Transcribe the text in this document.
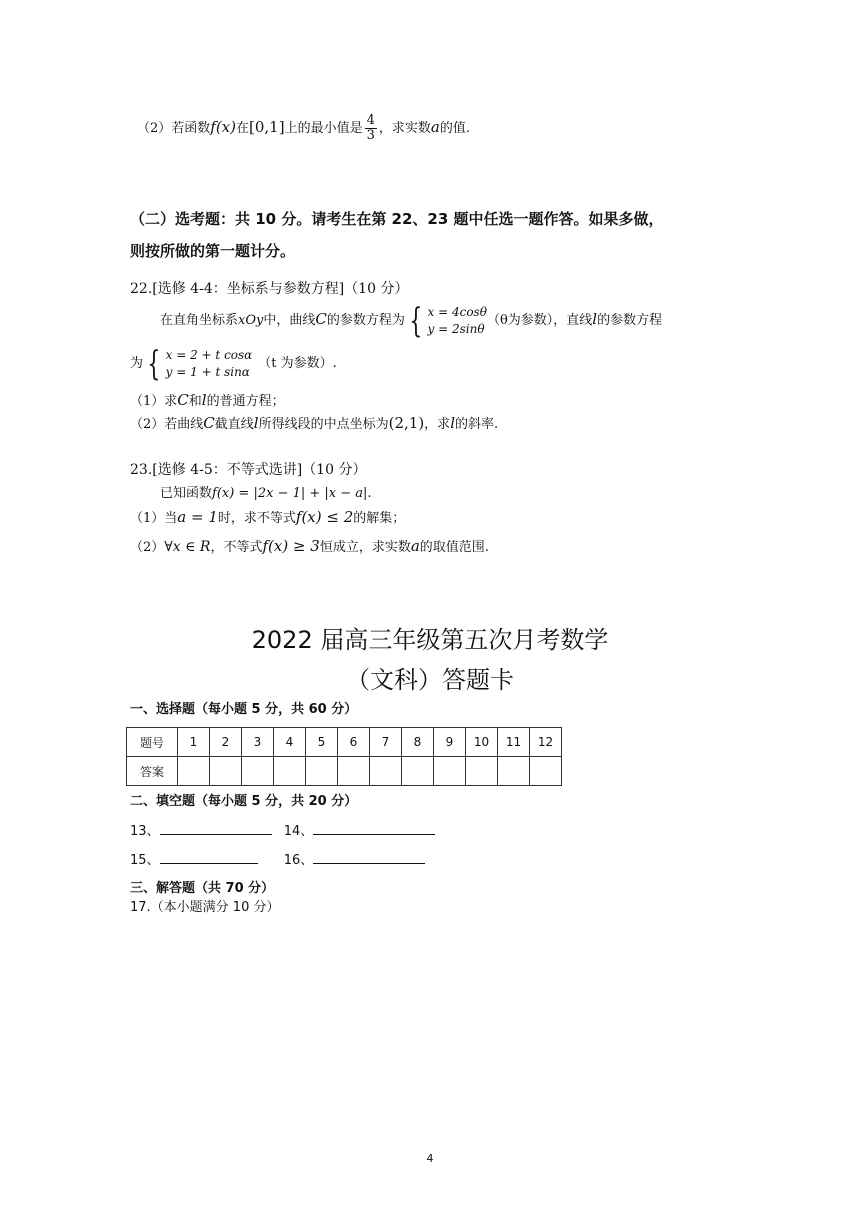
（2）若函数f(x)在[0,1]上的最小值是 $\frac{4}{3}$ ，求实数a的值.
（二）选考题：共 10 分。请考生在第 22、23 题中任选一题作答。如果多做，
则按所做的第一题计分。
22.[选修 4-4：坐标系与参数方程]（10 分）
在直角坐标系xOy中，曲线C的参数方程为 { x = 4cosθ
y = 2sinθ
（θ为参数），直线l的参数方程
为 { x = 2 + t cosα
y = 1 + t sinα
（t 为参数）.
（1）求C和l的普通方程；
（2）若曲线C截直线l所得线段的中点坐标为(2,1)，求l的斜率.
23.[选修 4-5：不等式选讲]（10 分）
已知函数f(x) = |2x − 1| + |x − a|.
（1）当a = 1时，求不等式f(x) ≤ 2的解集；
（2）∀x ∈ R，不等式f(x) ≥ 3恒成立，求实数a的取值范围.
2022 届高三年级第五次月考数学
（文科）答题卡
一、选择题（每小题 5 分，共 60 分）
题号	1	2	3	4	5	6	7	8	9	10	11	12
答案												
二、填空题（每小题 5 分，共 20 分）
13、	14、
15、	16、
三、解答题（共 70 分）
17.（本小题满分 10 分）
4
